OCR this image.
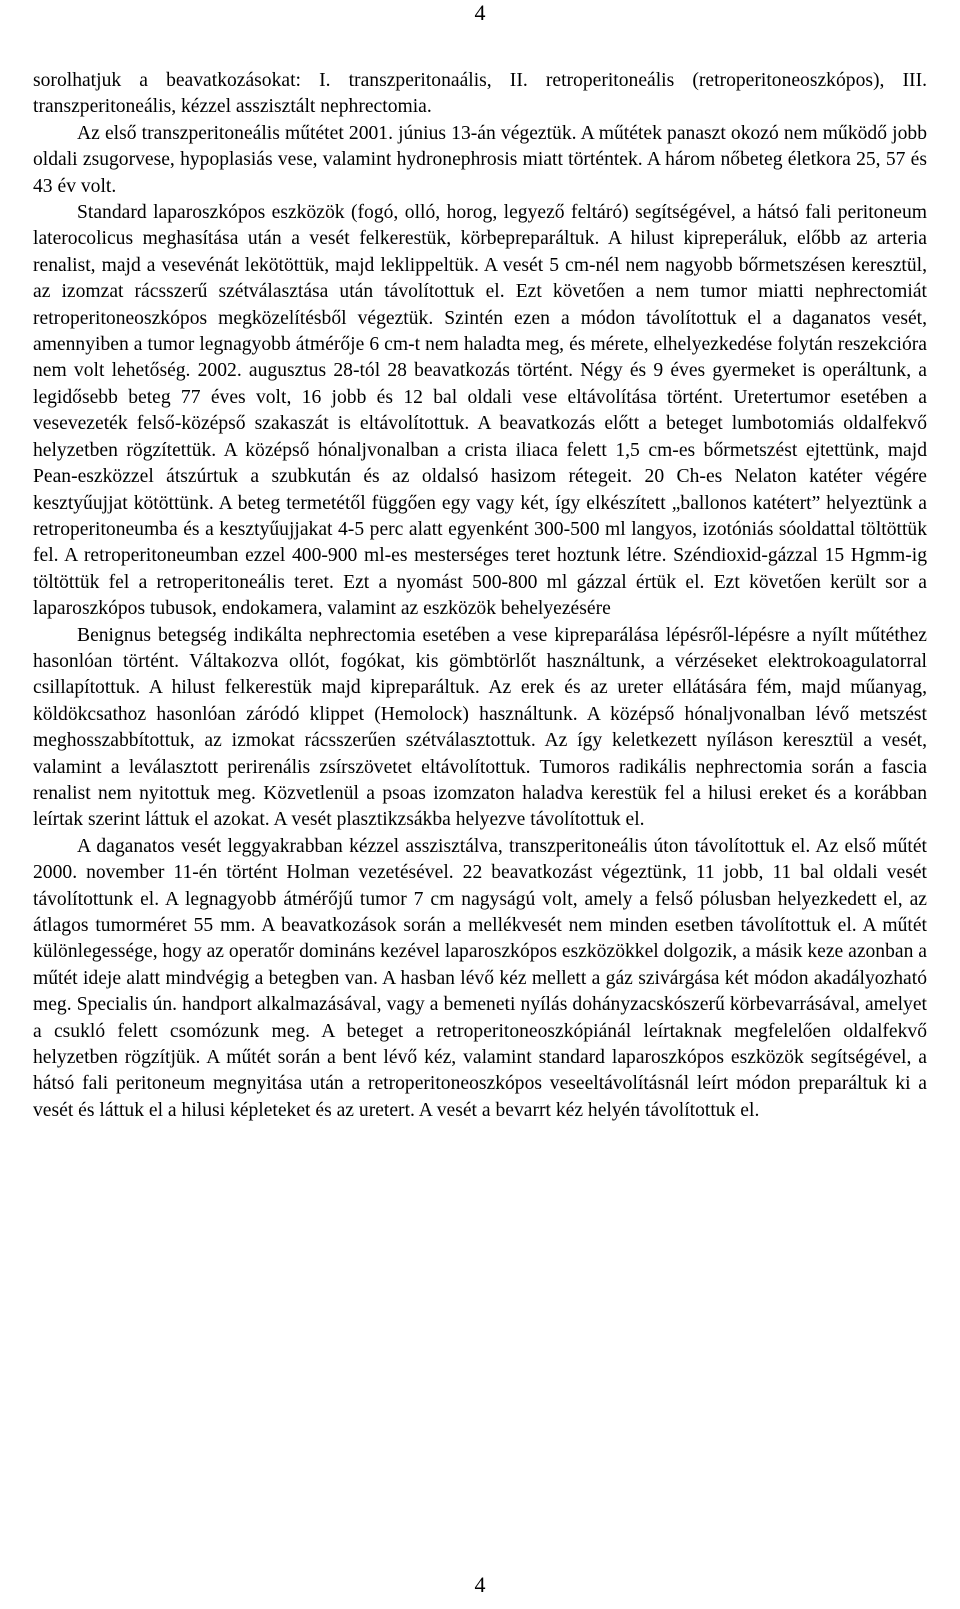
4

sorolhatjuk a beavatkozásokat: I. transzperitonaális, II. retroperitoneális (retroperitoneoszkópos), III. transzperitoneális, kézzel asszisztált nephrectomia.

Az első transzperitoneális műtétet 2001. június 13-án végeztük. A műtétek panaszt okozó nem működő jobb oldali zsugorvese, hypoplasiás vese, valamint hydronephrosis miatt történtek. A három nőbeteg életkora 25, 57 és 43 év volt.

Standard laparoszkópos eszközök (fogó, olló, horog, legyező feltáró) segítségével, a hátsó fali peritoneum laterocolicus meghasítása után a vesét felkerestük, körbepreparáltuk. A hilust kipreperáluk, előbb az arteria renalist, majd a vesevénát lekötöttük, majd leklippeltük. A vesét 5 cm-nél nem nagyobb bőrmetszésen keresztül, az izomzat rácsszerű szétválasztása után távolítottuk el. Ezt követően a nem tumor miatti nephrectomiát retroperitoneoszkópos megközelítésből végeztük. Szintén ezen a módon távolítottuk el a daganatos vesét, amennyiben a tumor legnagyobb átmérője 6 cm-t nem haladta meg, és mérete, elhelyezkedése folytán reszekcióra nem volt lehetőség. 2002. augusztus 28-tól 28 beavatkozás történt. Négy és 9 éves gyermeket is operáltunk, a legidősebb beteg 77 éves volt, 16 jobb és 12 bal oldali vese eltávolítása történt. Uretertumor esetében a vesevezeték felső-középső szakaszát is eltávolítottuk. A beavatkozás előtt a beteget lumbotomiás oldalfekvő helyzetben rögzítettük. A középső hónaljvonalban a crista iliaca felett 1,5 cm-es bőrmetszést ejtettünk, majd Pean-eszközzel átszúrtuk a szubkután és az oldalsó hasizom rétegeit. 20 Ch-es Nelaton katéter végére kesztyűujjat kötöttünk. A beteg termetétől függően egy vagy két, így elkészített „ballonos katétert” helyeztünk a retroperitoneumba és a kesztyűujjakat 4-5 perc alatt egyenként 300-500 ml langyos, izotóniás sóoldattal töltöttük fel. A retroperitoneumban ezzel 400-900 ml-es mesterséges teret hoztunk létre. Széndioxid-gázzal 15 Hgmm-ig töltöttük fel a retroperitoneális teret. Ezt a nyomást 500-800 ml gázzal értük el. Ezt követően került sor a laparoszkópos tubusok, endokamera, valamint az eszközök behelyezésére

Benignus betegség indikálta nephrectomia esetében a vese kipreparálása lépésről-lépésre a nyílt műtéthez hasonlóan történt. Váltakozva ollót, fogókat, kis gömbtörlőt használtunk, a vérzéseket elektrokoagulatorral csillapítottuk. A hilust felkerestük majd kipreparáltuk. Az erek és az ureter ellátására fém, majd műanyag, köldökcsathoz hasonlóan záródó klippet (Hemolock) használtunk. A középső hónaljvonalban lévő metszést meghosszabbítottuk, az izmokat rácsszerűen szétválasztottuk. Az így keletkezett nyíláson keresztül a vesét, valamint a leválasztott perirenális zsírszövetet eltávolítottuk. Tumoros radikális nephrectomia során a fascia renalist nem nyitottuk meg. Közvetlenül a psoas izomzaton haladva kerestük fel a hilusi ereket és a korábban leírtak szerint láttuk el azokat. A vesét plasztikzsákba helyezve távolítottuk el.

A daganatos vesét leggyakrabban kézzel asszisztálva, transzperitoneális úton távolítottuk el. Az első műtét 2000. november 11-én történt Holman vezetésével. 22 beavatkozást végeztünk, 11 jobb, 11 bal oldali vesét távolítottunk el. A legnagyobb átmérőjű tumor 7 cm nagyságú volt, amely a felső pólusban helyezkedett el, az átlagos tumorméret 55 mm. A beavatkozások során a mellékvesét nem minden esetben távolítottuk el. A műtét különlegessége, hogy az operatőr domináns kezével laparoszkópos eszközökkel dolgozik, a másik keze azonban a műtét ideje alatt mindvégig a betegben van. A hasban lévő kéz mellett a gáz szivárgása két módon akadályozható meg. Specialis ún. handport alkalmazásával, vagy a bemeneti nyílás dohányzacskószerű körbevarrásával, amelyet a csukló felett csomózunk meg. A beteget a retroperitoneoszkópiánál leírtaknak megfelelően oldalfekvő helyzetben rögzítjük. A műtét során a bent lévő kéz, valamint standard laparoszkópos eszközök segítségével, a hátsó fali peritoneum megnyitása után a retroperitoneoszkópos veseeltávolításnál leírt módon preparáltuk ki a vesét és láttuk el a hilusi képleteket és az uretert. A vesét a bevarrt kéz helyén távolítottuk el.

4
